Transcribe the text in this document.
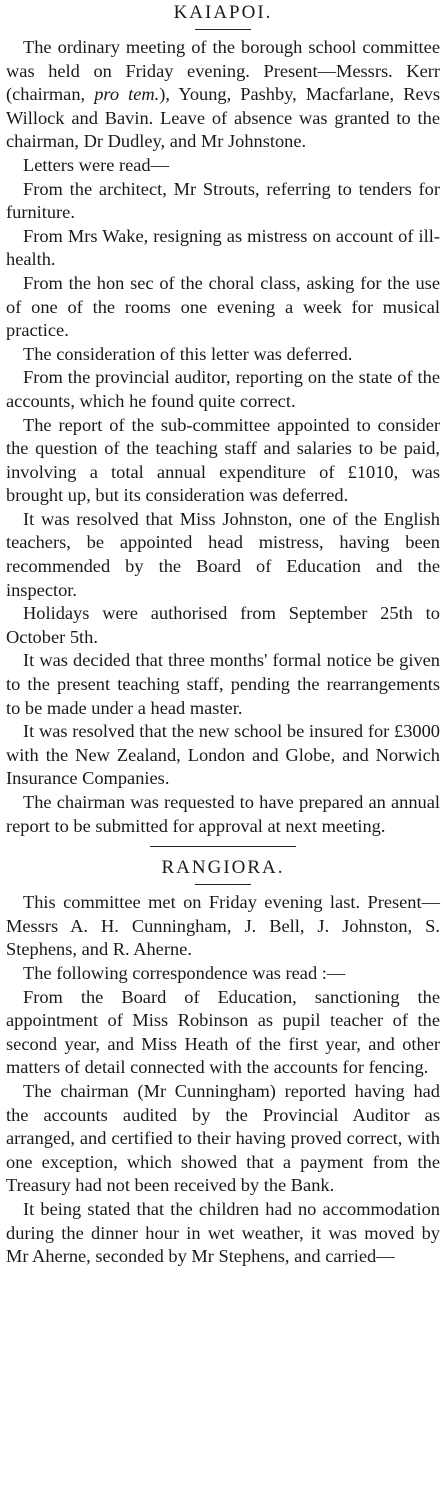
KAIAPOI.

The ordinary meeting of the borough school committee was held on Friday evening. Present—Messrs. Kerr (chairman, pro tem.), Young, Pashby, Macfarlane, Revs Willock and Bavin. Leave of absence was granted to the chairman, Dr Dudley, and Mr Johnstone.

Letters were read—

From the architect, Mr Strouts, referring to tenders for furniture.

From Mrs Wake, resigning as mistress on account of ill-health.

From the hon sec of the choral class, asking for the use of one of the rooms one evening a week for musical practice.

The consideration of this letter was deferred.

From the provincial auditor, reporting on the state of the accounts, which he found quite correct.

The report of the sub-committee appointed to consider the question of the teaching staff and salaries to be paid, involving a total annual expenditure of £1010, was brought up, but its consideration was deferred.

It was resolved that Miss Johnston, one of the English teachers, be appointed head mistress, having been recommended by the Board of Education and the inspector.

Holidays were authorised from September 25th to October 5th.

It was decided that three months' formal notice be given to the present teaching staff, pending the rearrangements to be made under a head master.

It was resolved that the new school be insured for £3000 with the New Zealand, London and Globe, and Norwich Insurance Companies.

The chairman was requested to have prepared an annual report to be submitted for approval at next meeting.

RANGIORA.

This committee met on Friday evening last. Present—Messrs A. H. Cunningham, J. Bell, J. Johnston, S. Stephens, and R. Aherne.

The following correspondence was read :—

From the Board of Education, sanctioning the appointment of Miss Robinson as pupil teacher of the second year, and Miss Heath of the first year, and other matters of detail connected with the accounts for fencing.

The chairman (Mr Cunningham) reported having had the accounts audited by the Provincial Auditor as arranged, and certified to their having proved correct, with one exception, which showed that a payment from the Treasury had not been received by the Bank.

It being stated that the children had no accommodation during the dinner hour in wet weather, it was moved by Mr Aherne, seconded by Mr Stephens, and carried—
